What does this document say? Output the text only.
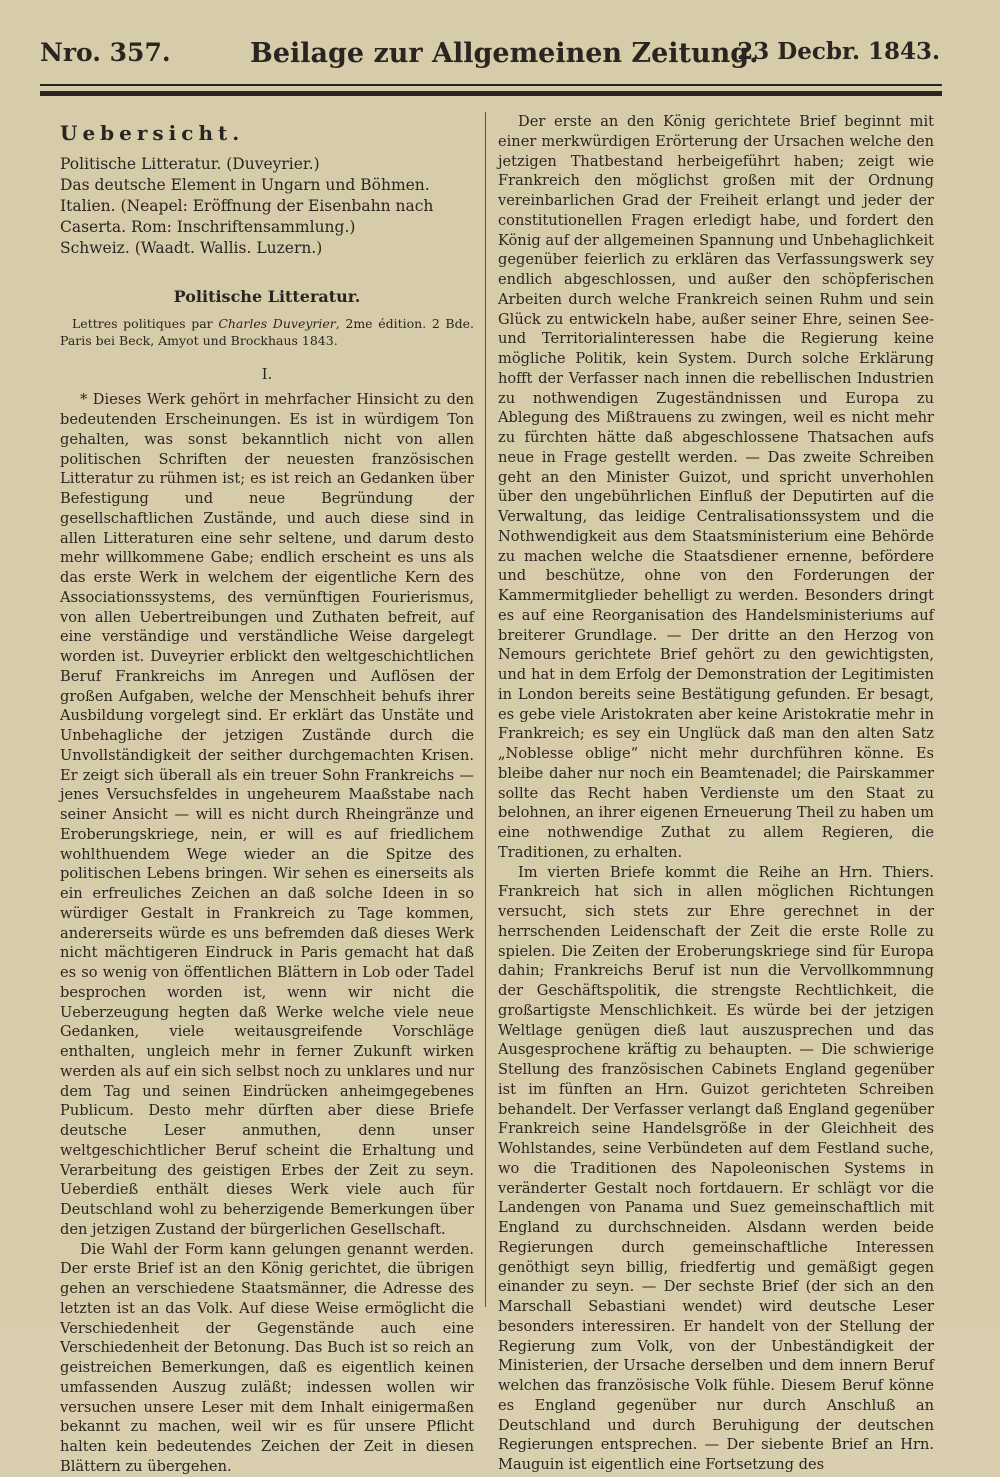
Nro. 357.	Beilage zur Allgemeinen Zeitung.
23 Decbr. 1843.

Uebersicht.

Politische Litteratur. (Duveyrier.)

Das deutsche Element in Ungarn und Böhmen.

Italien. (Neapel: Eröffnung der Eisenbahn nach Caserta. Rom: Inschriftensammlung.)

Schweiz. (Waadt. Wallis. Luzern.)

Politische Litteratur.

Lettres politiques par Charles Duveyrier, 2me édition. 2 Bde. Paris bei Beck, Amyot und Brockhaus 1843.

I.

* Dieses Werk gehört in mehrfacher Hinsicht zu den bedeutenden Erscheinungen. Es ist in würdigem Ton gehalten, was sonst bekanntlich nicht von allen politischen Schriften der neuesten französischen Litteratur zu rühmen ist; es ist reich an Gedanken über Befestigung und neue Begründung der gesellschaftlichen Zustände, und auch diese sind in allen Litteraturen eine sehr seltene, und darum desto mehr willkommene Gabe; endlich erscheint es uns als das erste Werk in welchem der eigentliche Kern des Associationssystems, des vernünftigen Fourierismus, von allen Uebertreibungen und Zuthaten befreit, auf eine verständige und verständliche Weise dargelegt worden ist. Duveyrier erblickt den weltgeschichtlichen Beruf Frankreichs im Anregen und Auflösen der großen Aufgaben, welche der Menschheit behufs ihrer Ausbildung vorgelegt sind. Er erklärt das Unstäte und Unbehagliche der jetzigen Zustände durch die Unvollständigkeit der seither durchgemachten Krisen. Er zeigt sich überall als ein treuer Sohn Frankreichs — jenes Versuchsfeldes in ungeheurem Maaßstabe nach seiner Ansicht — will es nicht durch Rheingränze und Eroberungskriege, nein, er will es auf friedlichem wohlthuendem Wege wieder an die Spitze des politischen Lebens bringen. Wir sehen es einerseits als ein erfreuliches Zeichen an daß solche Ideen in so würdiger Gestalt in Frankreich zu Tage kommen, andererseits würde es uns befremden daß dieses Werk nicht mächtigeren Eindruck in Paris gemacht hat daß es so wenig von öffentlichen Blättern in Lob oder Tadel besprochen worden ist, wenn wir nicht die Ueberzeugung hegten daß Werke welche viele neue Gedanken, viele weitausgreifende Vorschläge enthalten, ungleich mehr in ferner Zukunft wirken werden als auf ein sich selbst noch zu unklares und nur dem Tag und seinen Eindrücken anheimgegebenes Publicum. Desto mehr dürften aber diese Briefe deutsche Leser anmuthen, denn unser weltgeschichtlicher Beruf scheint die Erhaltung und Verarbeitung des geistigen Erbes der Zeit zu seyn. Ueberdieß enthält dieses Werk viele auch für Deutschland wohl zu beherzigende Bemerkungen über den jetzigen Zustand der bürgerlichen Gesellschaft.

Die Wahl der Form kann gelungen genannt werden. Der erste Brief ist an den König gerichtet, die übrigen gehen an verschiedene Staatsmänner, die Adresse des letzten ist an das Volk. Auf diese Weise ermöglicht die Verschiedenheit der Gegenstände auch eine Verschiedenheit der Betonung. Das Buch ist so reich an geistreichen Bemerkungen, daß es eigentlich keinen umfassenden Auszug zuläßt; indessen wollen wir versuchen unsere Leser mit dem Inhalt einigermaßen bekannt zu machen, weil wir es für unsere Pflicht halten kein bedeutendes Zeichen der Zeit in diesen Blättern zu übergehen.

Der erste an den König gerichtete Brief beginnt mit einer merkwürdigen Erörterung der Ursachen welche den jetzigen Thatbestand herbeigeführt haben; zeigt wie Frankreich den möglichst großen mit der Ordnung vereinbarlichen Grad der Freiheit erlangt und jeder der constitutionellen Fragen erledigt habe, und fordert den König auf der allgemeinen Spannung und Unbehaglichkeit gegenüber feierlich zu erklären das Verfassungswerk sey endlich abgeschlossen, und außer den schöpferischen Arbeiten durch welche Frankreich seinen Ruhm und sein Glück zu entwickeln habe, außer seiner Ehre, seinen See- und Territorialinteressen habe die Regierung keine mögliche Politik, kein System. Durch solche Erklärung hofft der Verfasser nach innen die rebellischen Industrien zu nothwendigen Zugeständnissen und Europa zu Ablegung des Mißtrauens zu zwingen, weil es nicht mehr zu fürchten hätte daß abgeschlossene Thatsachen aufs neue in Frage gestellt werden. — Das zweite Schreiben geht an den Minister Guizot, und spricht unverhohlen über den ungebührlichen Einfluß der Deputirten auf die Verwaltung, das leidige Centralisationssystem und die Nothwendigkeit aus dem Staatsministerium eine Behörde zu machen welche die Staatsdiener ernenne, befördere und beschütze, ohne von den Forderungen der Kammermitglieder behelligt zu werden. Besonders dringt es auf eine Reorganisation des Handelsministeriums auf breiterer Grundlage. — Der dritte an den Herzog von Nemours gerichtete Brief gehört zu den gewichtigsten, und hat in dem Erfolg der Demonstration der Legitimisten in London bereits seine Bestätigung gefunden. Er besagt, es gebe viele Aristokraten aber keine Aristokratie mehr in Frankreich; es sey ein Unglück daß man den alten Satz „Noblesse oblige“ nicht mehr durchführen könne. Es bleibe daher nur noch ein Beamtenadel; die Pairskammer sollte das Recht haben Verdienste um den Staat zu belohnen, an ihrer eigenen Erneuerung Theil zu haben um eine nothwendige Zuthat zu allem Regieren, die Traditionen, zu erhalten.

Im vierten Briefe kommt die Reihe an Hrn. Thiers. Frankreich hat sich in allen möglichen Richtungen versucht, sich stets zur Ehre gerechnet in der herrschenden Leidenschaft der Zeit die erste Rolle zu spielen. Die Zeiten der Eroberungskriege sind für Europa dahin; Frankreichs Beruf ist nun die Vervollkommnung der Geschäftspolitik, die strengste Rechtlichkeit, die großartigste Menschlichkeit. Es würde bei der jetzigen Weltlage genügen dieß laut auszusprechen und das Ausgesprochene kräftig zu behaupten. — Die schwierige Stellung des französischen Cabinets England gegenüber ist im fünften an Hrn. Guizot gerichteten Schreiben behandelt. Der Verfasser verlangt daß England gegenüber Frankreich seine Handelsgröße in der Gleichheit des Wohlstandes, seine Verbündeten auf dem Festland suche, wo die Traditionen des Napoleonischen Systems in veränderter Gestalt noch fortdauern. Er schlägt vor die Landengen von Panama und Suez gemeinschaftlich mit England zu durchschneiden. Alsdann werden beide Regierungen durch gemeinschaftliche Interessen genöthigt seyn billig, friedfertig und gemäßigt gegen einander zu seyn. — Der sechste Brief (der sich an den Marschall Sebastiani wendet) wird deutsche Leser besonders interessiren. Er handelt von der Stellung der Regierung zum Volk, von der Unbeständigkeit der Ministerien, der Ursache derselben und dem innern Beruf welchen das französische Volk fühle. Diesem Beruf könne es England gegenüber nur durch Anschluß an Deutschland und durch Beruhigung der deutschen Regierungen entsprechen. — Der siebente Brief an Hrn. Mauguin ist eigentlich eine Fortsetzung des
